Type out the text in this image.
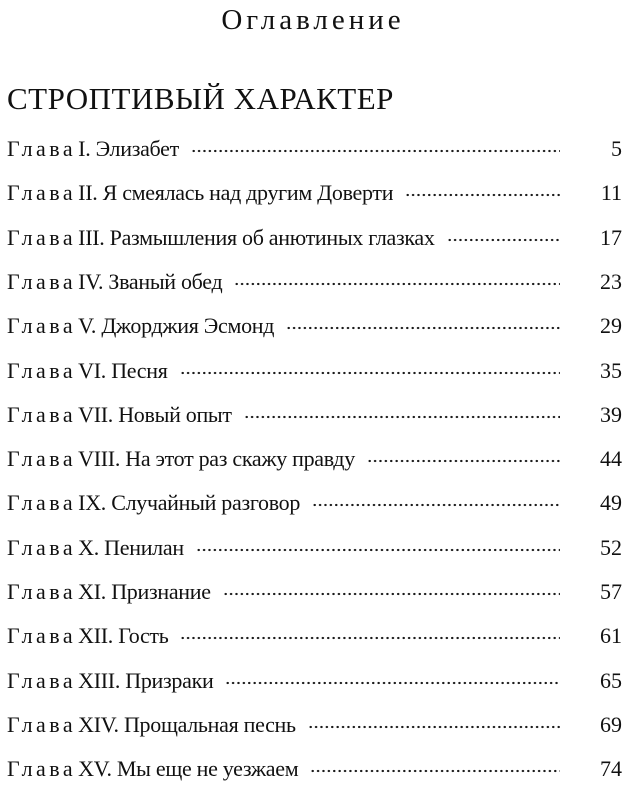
Оглавление
СТРОПТИВЫЙ ХАРАКТЕР
Глава I. Элизабет	5
Глава II. Я смеялась над другим Доверти	11
Глава III. Размышления об анютиных глазках	17
Глава IV. Званый обед	23
Глава V. Джорджия Эсмонд	29
Глава VI. Песня	35
Глава VII. Новый опыт	39
Глава VIII. На этот раз скажу правду	44
Глава IX. Случайный разговор	49
Глава X. Пенилан	52
Глава XI. Признание	57
Глава XII. Гость	61
Глава XIII. Призраки	65
Глава XIV. Прощальная песнь	69
Глава XV. Мы еще не уезжаем	74
